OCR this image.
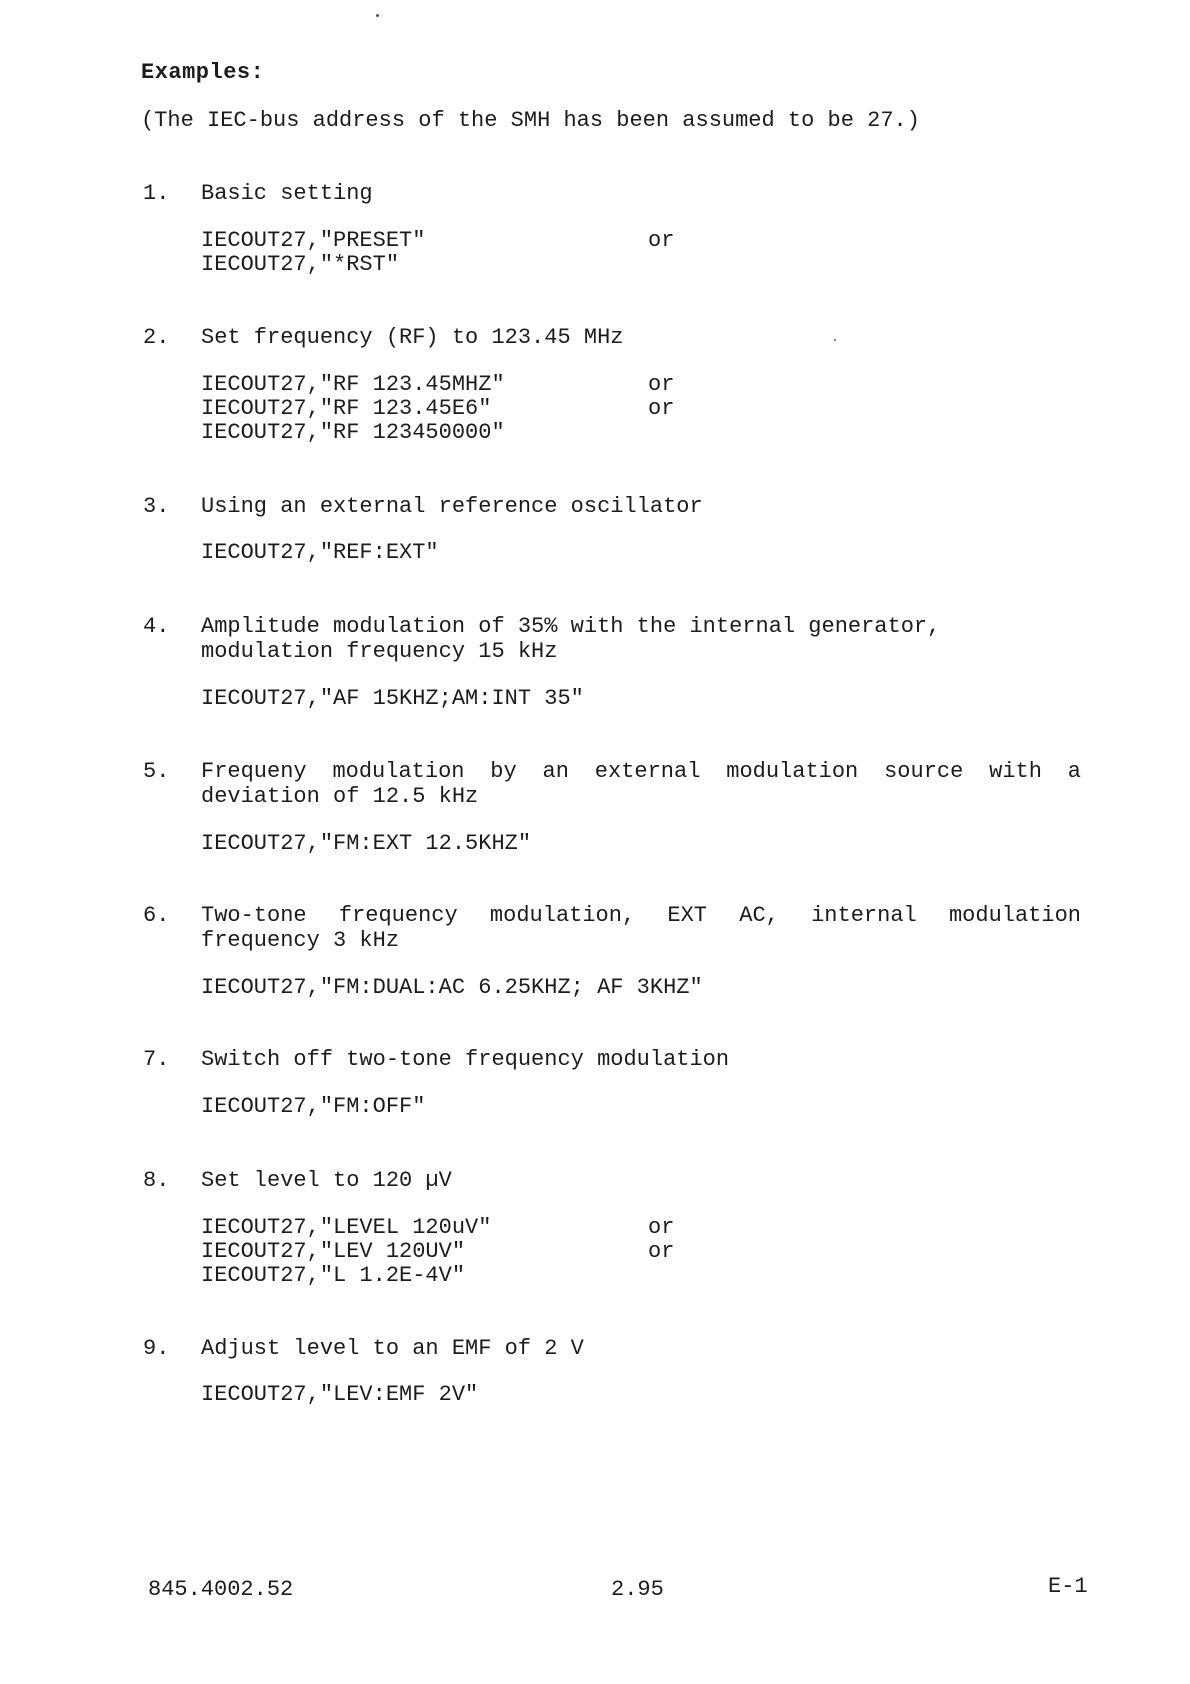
Examples:
(The IEC-bus address of the SMH has been assumed to be 27.)
1. Basic setting

IECOUT27,"PRESET"

	or

IECOUT27,"*RST"

2. Set frequency (RF) to 123.45 MHz

IECOUT27,"RF 123.45MHZ"

	or

IECOUT27,"RF 123.45E6"

	or

IECOUT27,"RF 123450000"

3. Using an external reference oscillator

IECOUT27,"REF:EXT"

4. Amplitude modulation of 35% with the internal generator, modulation frequency 15 kHz

IECOUT27,"AF 15KHZ;AM:INT 35"

5. Frequeny modulation by an external modulation source with a deviation of 12.5 kHz

IECOUT27,"FM:EXT 12.5KHZ"

6. Two-tone frequency modulation, EXT AC, internal modulation frequency 3 kHz

IECOUT27,"FM:DUAL:AC 6.25KHZ; AF 3KHZ"

7. Switch off two-tone frequency modulation

IECOUT27,"FM:OFF"

8. Set level to 120 µV

IECOUT27,"LEVEL 120uV"

	or

IECOUT27,"LEV 120UV"

	or

IECOUT27,"L 1.2E-4V"

9. Adjust level to an EMF of 2 V

IECOUT27,"LEV:EMF 2V"

845.4002.52	2.95	E-1
